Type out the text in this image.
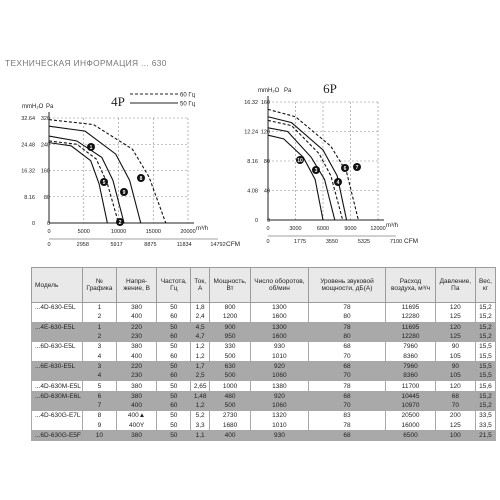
ТЕХНИЧЕСКАЯ ИНФОРМАЦИЯ ... 630
4P
mmH₂O Pa
32.64
24.48
16.32
8.16
0
320
240
160
80
0
0	5000	10000	15000	20000 m³/h
0	2958	5917	8875	11834	14792 CFM
60 Гц
50 Гц
1
2
5
9
8
6P
mmH₂O Pa
16.32
12.24
8.16
4.08
0
160
120
80
40
0
0	3000	6000	9000 12000 m³/h
0	1775	3550	5325	7100 CFM
10
3
4
6 7
Модель	№ Графика	Напря- жение, В	Частота, Гц	Ток, А	Мощность, Вт	Число оборотов, об/мин	Уровень звуковой мощности, дБ(А)	Расход воздуха, м³/ч	Давление, Па	Вес, кг
...4D-630-E5L	1	380	50	1,8	800	1300	78	11695	120	15,2
	2	400	60	2,4	1200	1600	80	12280	125	15,2
...4E-630-E5L	1	220	50	4,5	900	1300	78	11695	120	15,2
	2	230	60	4,7	950	1600	80	12280	125	15,2
...6D-630-E5L	3	380	50	1,2	330	930	68	7960	90	15,5
	4	400	60	1,2	500	1010	70	8360	105	15,5
...6E-630-E5L	3	220	50	1,7	630	920	68	7960	90	15,5
	4	230	60	2,5	500	1060	70	8360	105	15,5
...4D-630M-E5L	5	380	50	2,65	1000	1380	78	11700	120	15,6
...6D-630M-E6L	6	380	50	1,48	480	920	68	10445	68	15,2
	7	400	60	1,2	500	1060	70	10970	70	15,2
...4D-630G-E7L	8	400▲	50	5,2	2730	1320	83	20500	200	33,5
	9	400Y	50	3,3	1680	1010	78	16000	125	33,5
...6D-630G-E5F	10	380	50	1,1	400	930	68	6500	100	21,5
